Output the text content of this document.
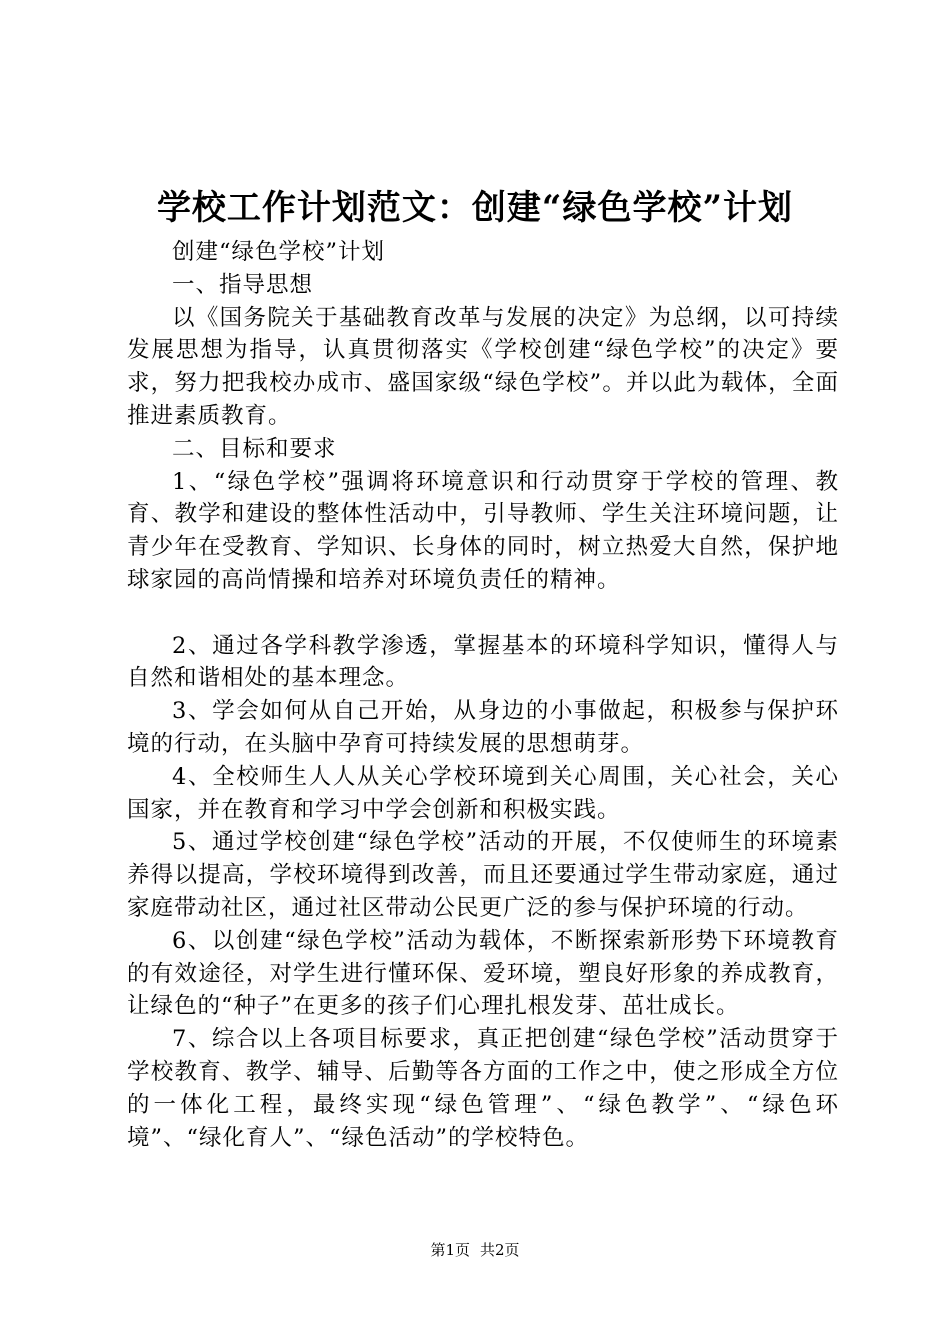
学校工作计划范文：创建“绿色学校”计划

创建“绿色学校”计划

一、指导思想

以《国务院关于基础教育改革与发展的决定》为总纲，以可持续发展思想为指导，认真贯彻落实《学校创建“绿色学校”的决定》要求，努力把我校办成市、盛国家级“绿色学校”。并以此为载体，全面推进素质教育。

二、目标和要求

1、“绿色学校”强调将环境意识和行动贯穿于学校的管理、教育、教学和建设的整体性活动中，引导教师、学生关注环境问题，让青少年在受教育、学知识、长身体的同时，树立热爱大自然，保护地球家园的高尚情操和培养对环境负责任的精神。

2、通过各学科教学渗透，掌握基本的环境科学知识，懂得人与自然和谐相处的基本理念。

3、学会如何从自己开始，从身边的小事做起，积极参与保护环境的行动，在头脑中孕育可持续发展的思想萌芽。

4、全校师生人人从关心学校环境到关心周围，关心社会，关心国家，并在教育和学习中学会创新和积极实践。

5、通过学校创建“绿色学校”活动的开展，不仅使师生的环境素养得以提高，学校环境得到改善，而且还要通过学生带动家庭，通过家庭带动社区，通过社区带动公民更广泛的参与保护环境的行动。

6、以创建“绿色学校”活动为载体，不断探索新形势下环境教育的有效途径，对学生进行懂环保、爱环境，塑良好形象的养成教育，让绿色的“种子”在更多的孩子们心理扎根发芽、茁壮成长。

7、综合以上各项目标要求，真正把创建“绿色学校”活动贯穿于学校教育、教学、辅导、后勤等各方面的工作之中，使之形成全方位的一体化工程，最终实现“绿色管理”、“绿色教学”、“绿色环境”、“绿化育人”、“绿色活动”的学校特色。

第1页 共2页
